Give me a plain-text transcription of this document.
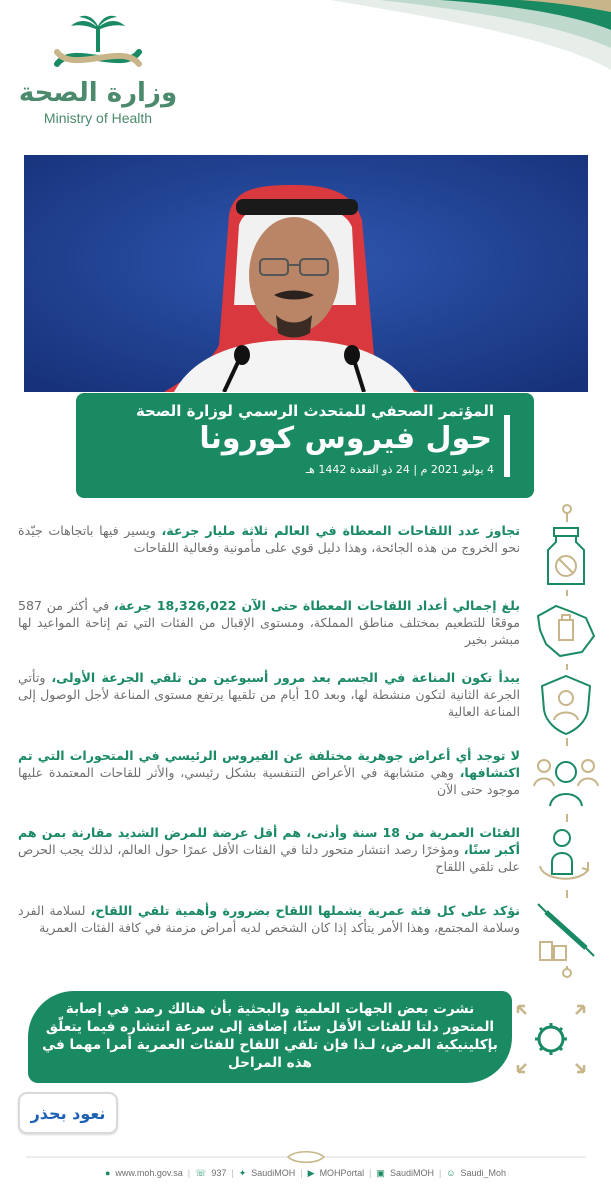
وزارة الصحة
Ministry of Health
المؤتمر الصحفي للمتحدث الرسمي لوزارة الصحة
حول فيروس كورونا
4 يوليو 2021 م | 24 ذو القعدة 1442 هـ
تجاوز عدد اللقاحات المعطاة في العالم ثلاثة مليار جرعة، ويسير فيها باتجاهات جيّدة نحو الخروج من هذه الجائحة، وهذا دليل قوي على مأمونية وفعالية اللقاحات
بلغ إجمالي أعداد اللقاحات المعطاة حتى الآن 18,326,022 جرعة، في أكثر من 587 موقعًا للتطعيم بمختلف مناطق المملكة، ومستوى الإقبال من الفئات التي تم إتاحة المواعيد لها مبشر بخير
يبدأ تكون المناعة في الجسم بعد مرور أسبوعين من تلقي الجرعة الأولى، وتأتي الجرعة الثانية لتكون منشطة لها، وبعد 10 أيام من تلقيها يرتفع مستوى المناعة لأجل الوصول إلى المناعة العالية
لا توجد أي أعراض جوهرية مختلفة عن الفيروس الرئيسي في المتحورات التي تم اكتشافها، وهي متشابهة في الأعراض التنفسية بشكل رئيسي، والأثر للقاحات المعتمدة عليها موجود حتى الآن
الفئات العمرية من 18 سنة وأدنى، هم أقل عرضة للمرض الشديد مقارنة بمن هم أكبر سنًا، ومؤخرًا رصد انتشار متحور دلتا في الفئات الأقل عمرًا حول العالم، لذلك يجب الحرص على تلقي اللقاح
نؤكد على كل فئة عمرية يشملها اللقاح بضرورة وأهمية تلقي اللقاح، لسلامة الفرد وسلامة المجتمع، وهذا الأمر يتأكد إذا كان الشخص لديه أمراض مزمنة في كافة الفئات العمرية
نشرت بعض الجهات العلمية والبحثية بأن هنالك رصد في إصابة المتحور دلتا للفئات الأقل سنًا، إضافة إلى سرعة انتشاره فيما يتعلّق بإكلينيكية المرض، لـذا فإن تلقي اللقاح للفئات العمرية أمرا مهما في هذه المراحل
نعود بحذر
● www.moh.gov.sa | ☏ 937 | ✦ SaudiMOH | ▶ MOHPortal | ▣ SaudiMOH | ☺ Saudi_Moh
